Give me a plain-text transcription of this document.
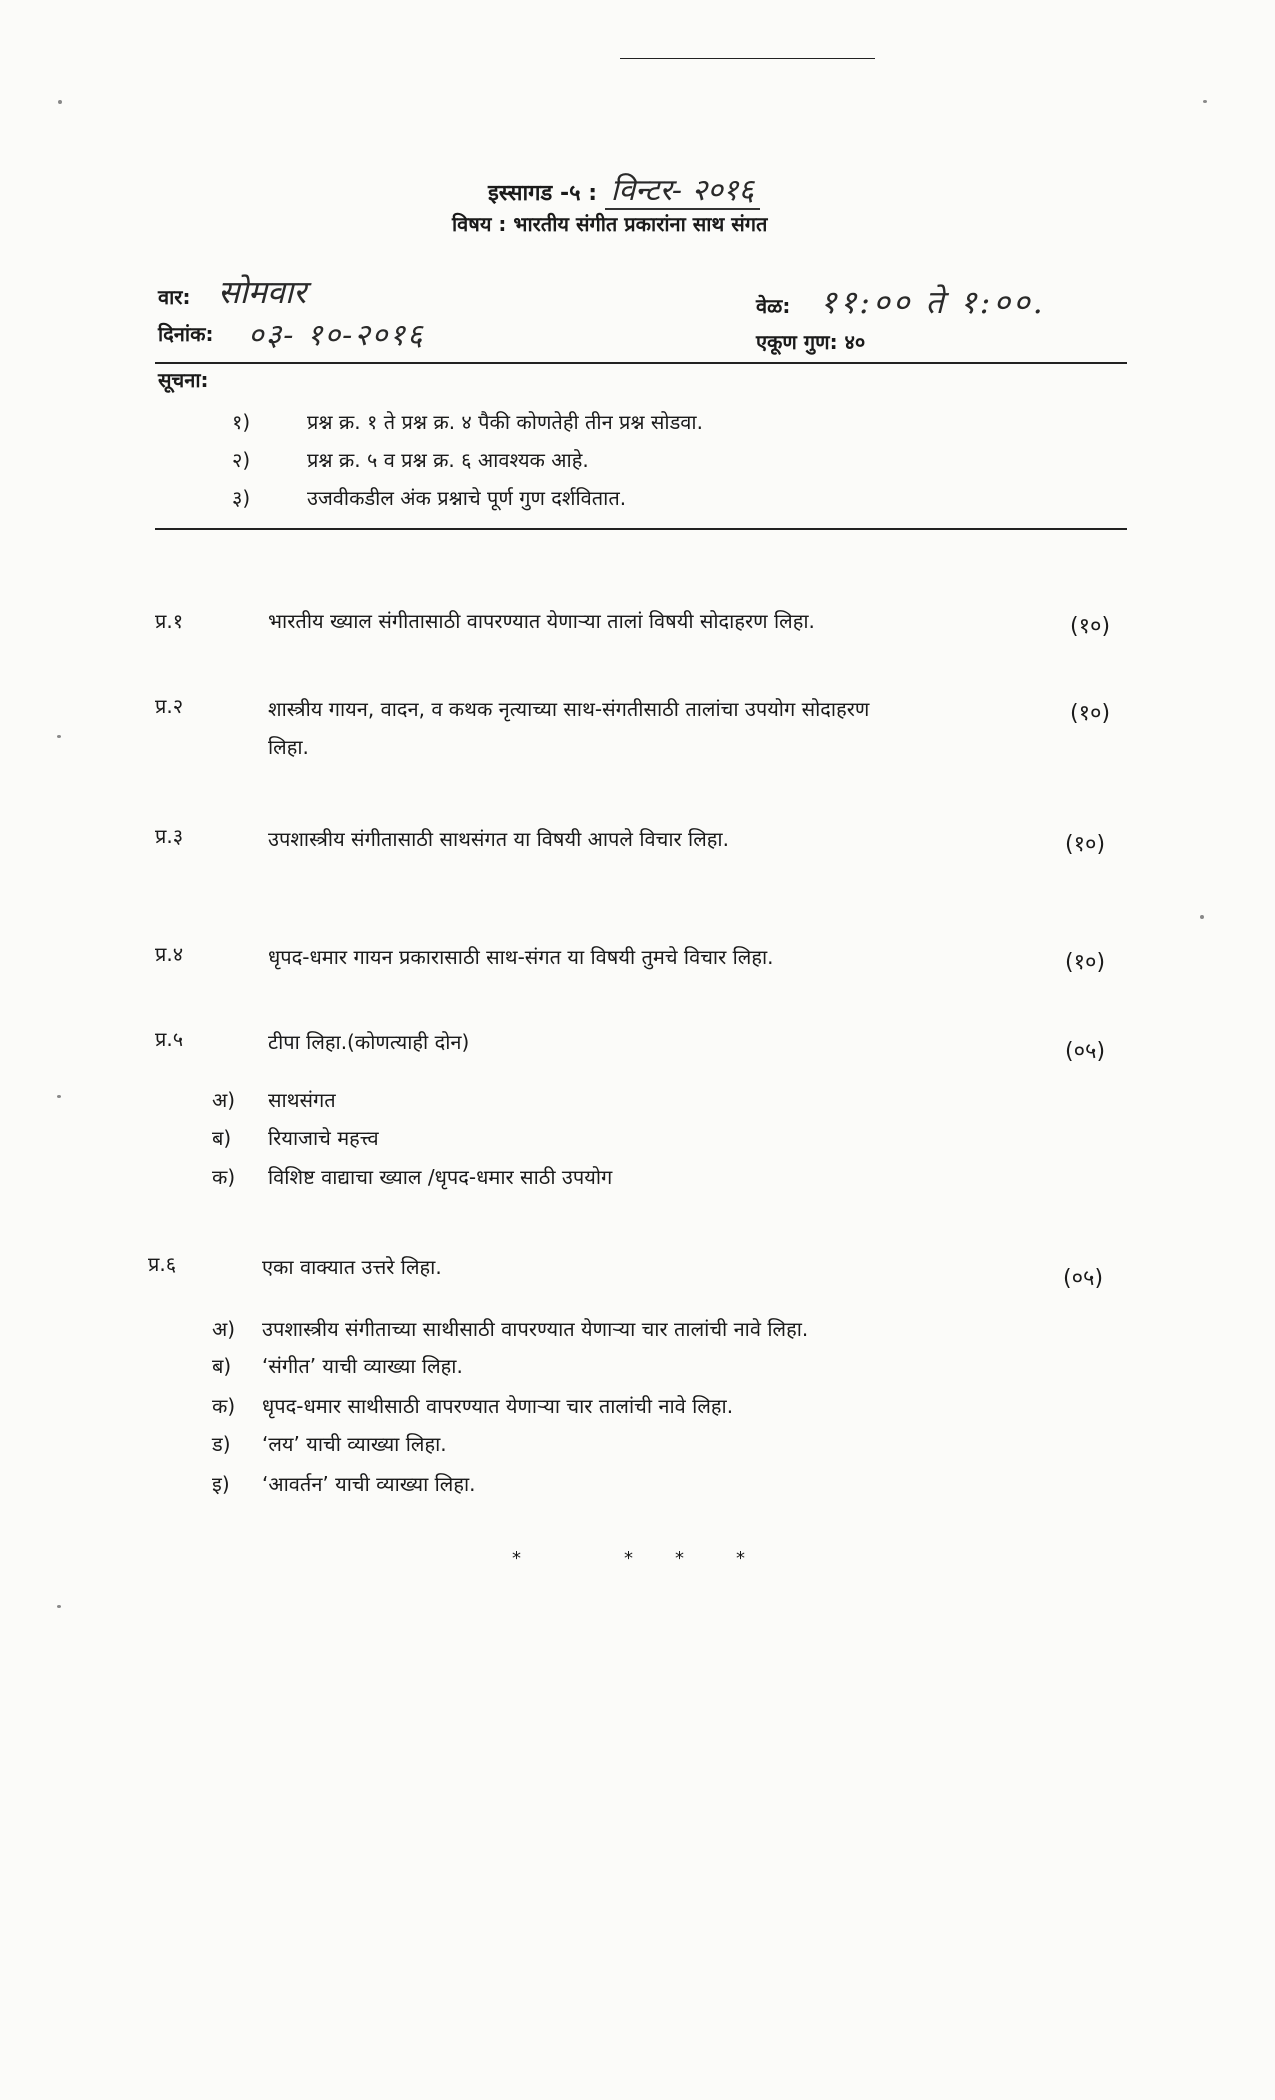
इस्सागड -५ : विन्टर- २०१६
विषय : भारतीय संगीत प्रकारांना साथ संगत
वार: सोमवार
दिनांक: ०३- १०-२०१६
वेळ: ११:०० ते १:००.
एकूण गुण: ४०
सूचना:
१)	प्रश्न क्र. १ ते प्रश्न क्र. ४ पैकी कोणतेही तीन प्रश्न सोडवा.
२)	प्रश्न क्र. ५ व प्रश्न क्र. ६ आवश्यक आहे.
३)	उजवीकडील अंक प्रश्नाचे पूर्ण गुण दर्शवितात.
प्र.१	भारतीय ख्याल संगीतासाठी वापरण्यात येणाऱ्या तालां विषयी सोदाहरण लिहा.	(१०)
प्र.२	शास्त्रीय गायन, वादन, व कथक नृत्याच्या साथ-संगतीसाठी तालांचा उपयोग सोदाहरण
लिहा.
(१०)
प्र.३	उपशास्त्रीय संगीतासाठी साथसंगत या विषयी आपले विचार लिहा.	(१०)
प्र.४	धृपद-धमार गायन प्रकारासाठी साथ-संगत या विषयी तुमचे विचार लिहा.	(१०)
प्र.५	टीपा लिहा.(कोणत्याही दोन)	(०५)
अ) साथसंगत
ब) रियाजाचे महत्त्व
क) विशिष्ट वाद्याचा ख्याल /धृपद-धमार साठी उपयोग
प्र.६	एका वाक्यात उत्तरे लिहा.	(०५)
अ) उपशास्त्रीय संगीताच्या साथीसाठी वापरण्यात येणाऱ्या चार तालांची नावे लिहा.
ब) ‘संगीत’ याची व्याख्या लिहा.
क) धृपद-धमार साथीसाठी वापरण्यात येणाऱ्या चार तालांची नावे लिहा.
ड) ‘लय’ याची व्याख्या लिहा.
इ) ‘आवर्तन’ याची व्याख्या लिहा.
*	* *	*
